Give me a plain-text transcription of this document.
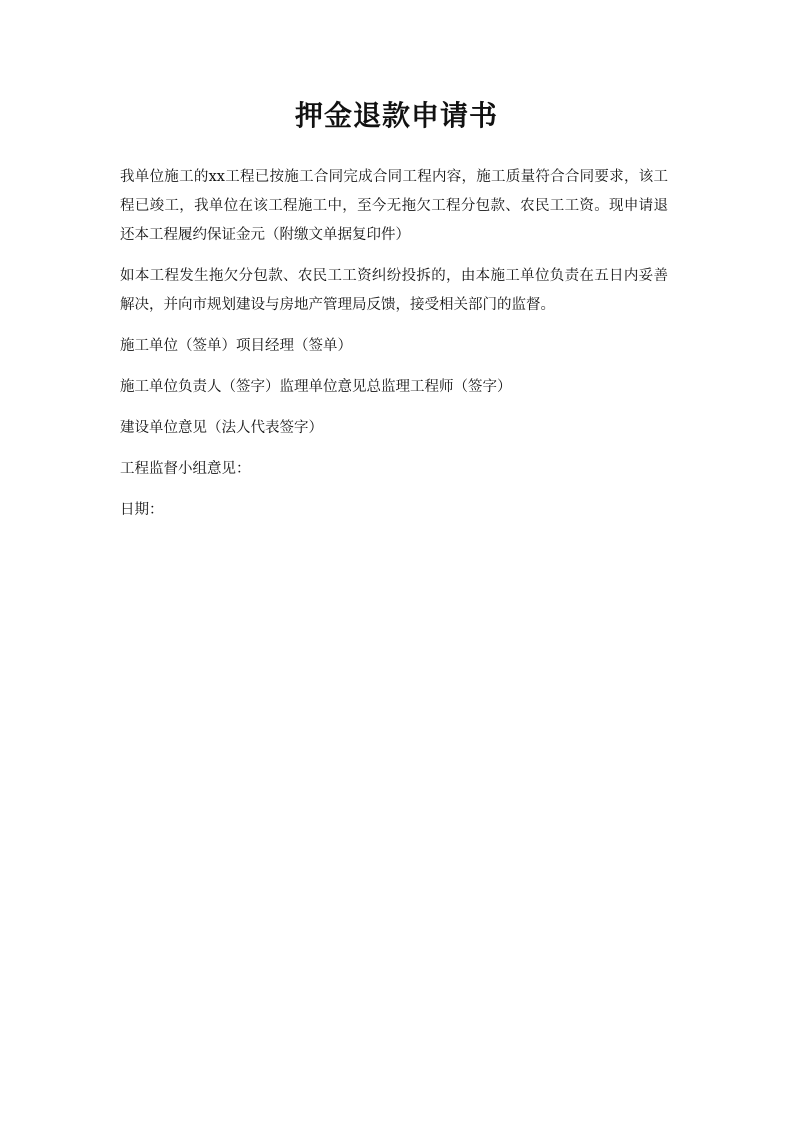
押金退款申请书

我单位施工的xx工程已按施工合同完成合同工程内容，施工质量符合合同要求，该工程已竣工，我单位在该工程施工中，至今无拖欠工程分包款、农民工工资。现申请退还本工程履约保证金元（附缴文单据复印件）

如本工程发生拖欠分包款、农民工工资纠纷投拆的，由本施工单位负责在五日内妥善解决，并向市规划建设与房地产管理局反馈，接受相关部门的监督。

施工单位（签单）项目经理（签单）

施工单位负责人（签字）监理单位意见总监理工程师（签字）

建设单位意见（法人代表签字）

工程监督小组意见：

日期：
